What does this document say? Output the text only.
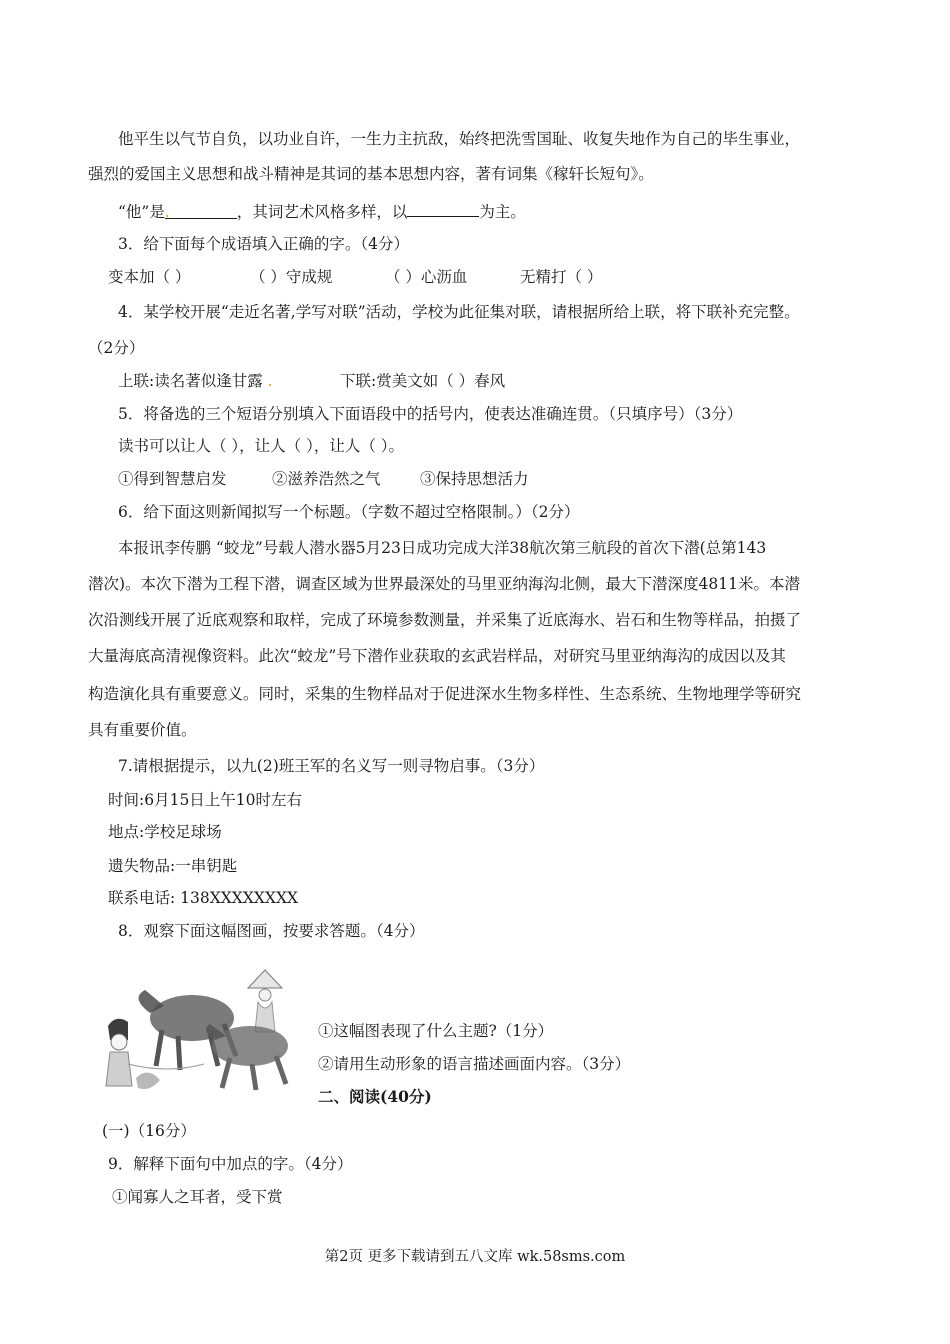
他平生以气节自负，以功业自许，一生力主抗敌，始终把洗雪国耻、收复失地作为自己的毕生事业，
强烈的爱国主义思想和战斗精神是其词的基本思想内容，著有词集《稼轩长短句》。
“他”是.	，其词艺术风格多样，以	为主。
3．给下面每个成语填入正确的字。（4分）
变本加（ ）	（ ）守成规	（ ）心沥血	无精打（ ）
4．某学校开展“走近名著,学写对联”活动，学校为此征集对联，请根据所给上联，将下联补充完整。
（2分）
上联:读名著似逢甘露 .	下联:赏美文如（ ）春风
5．将备选的三个短语分别填入下面语段中的括号内，使表达准确连贯。（只填序号）（3分）
读书可以让人（ ），让人（ ），让人（ ）。
①得到智慧启发	②滋养浩然之气	③保持思想活力
6．给下面这则新闻拟写一个标题。（字数不超过空格限制。）（2分）
本报讯李传鹏 “蛟龙”号载人潜水器5月23日成功完成大洋38航次第三航段的首次下潜(总第143
潜次)。本次下潜为工程下潜，调查区域为世界最深处的马里亚纳海沟北侧，最大下潜深度4811米。本潜
次沿测线开展了近底观察和取样，完成了环境参数测量，并采集了近底海水、岩石和生物等样品，拍摄了
大量海底高清视像资料。此次“蛟龙”号下潜作业获取的玄武岩样品，对研究马里亚纳海沟的成因以及其
构造演化具有重要意义。同时，采集的生物样品对于促进深水生物多样性、生态系统、生物地理学等研究
具有重要价值。
7.请根据提示，以九(2)班王军的名义写一则寻物启事。（3分）
时间:6月15日上午10时左右
地点:学校足球场
遗失物品:一串钥匙
联系电话: 138XXXXXXXX
8．观察下面这幅图画，按要求答题。（4分）
①这幅图表现了什么主题?（1分）
②请用生动形象的语言描述画面内容。（3分）
二、阅读(40分)
(一)（16分）
9．解释下面句中加点的字。（4分）
①闻寡人之耳者，受下赏
第2页 更多下载请到五八文库 wk.58sms.com
